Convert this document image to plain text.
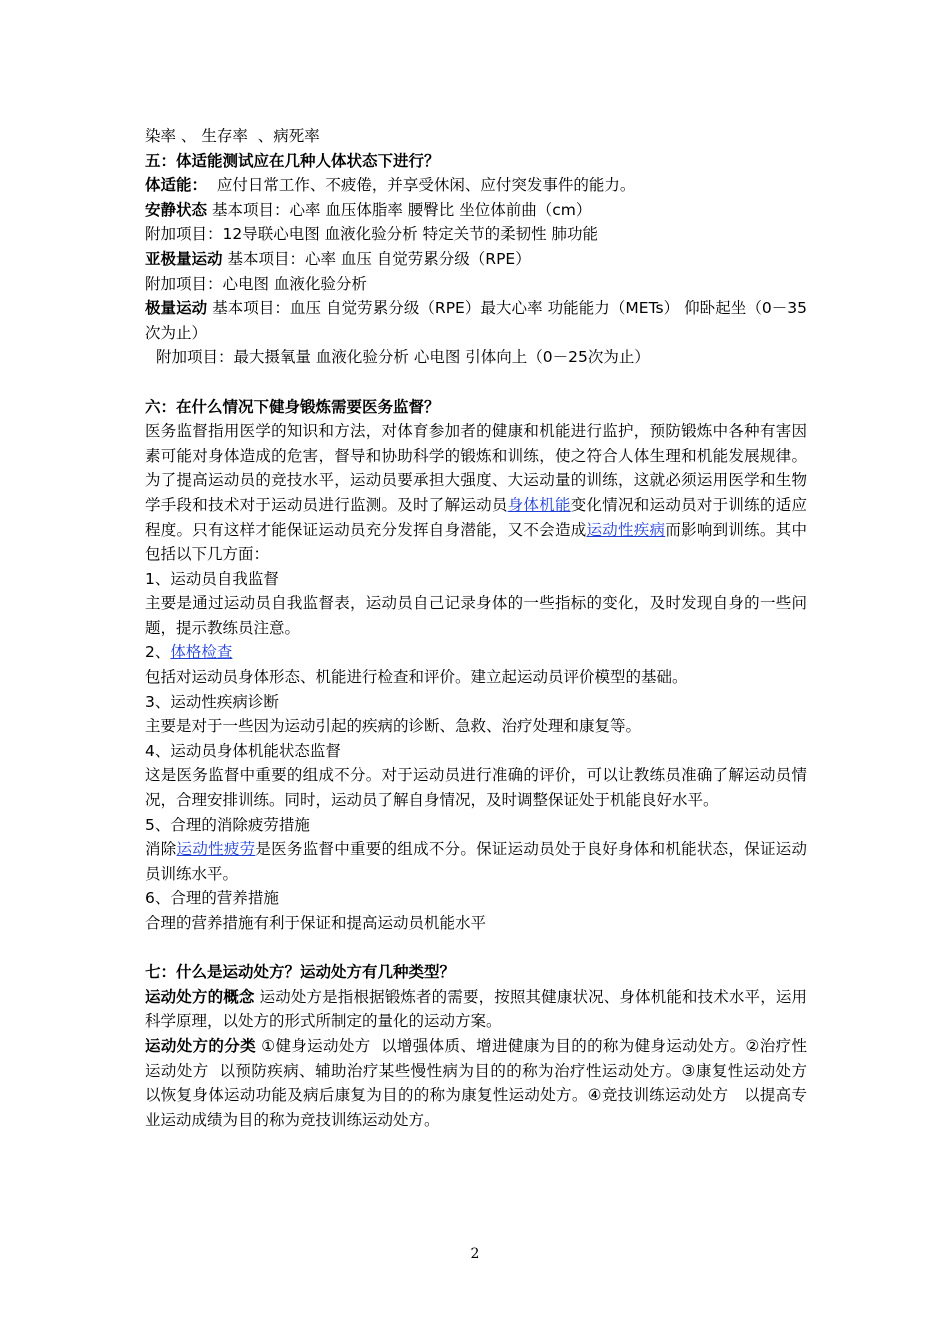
染率 、 生存率  、病死率

五：体适能测试应在几种人体状态下进行？

体适能：  应付日常工作、不疲倦，并享受休闲、应付突发事件的能力。

安静状态 基本项目：心率 血压体脂率 腰臀比 坐位体前曲（cm）

附加项目：12导联心电图 血液化验分析 特定关节的柔韧性 肺功能

亚极量运动 基本项目：心率 血压 自觉劳累分级（RPE）

附加项目：心电图 血液化验分析

极量运动 基本项目：血压 自觉劳累分级（RPE）最大心率 功能能力（METs） 仰卧起坐（0－35次为止）

附加项目：最大摄氧量 血液化验分析 心电图 引体向上（0－25次为止）

六：在什么情况下健身锻炼需要医务监督？

医务监督指用医学的知识和方法，对体育参加者的健康和机能进行监护，预防锻炼中各种有害因素可能对身体造成的危害，督导和协助科学的锻炼和训练，使之符合人体生理和机能发展规律。为了提高运动员的竞技水平，运动员要承担大强度、大运动量的训练，这就必须运用医学和生物学手段和技术对于运动员进行监测。及时了解运动员身体机能变化情况和运动员对于训练的适应程度。只有这样才能保证运动员充分发挥自身潜能，又不会造成运动性疾病而影响到训练。其中包括以下几方面：

1、运动员自我监督

主要是通过运动员自我监督表，运动员自己记录身体的一些指标的变化，及时发现自身的一些问题，提示教练员注意。

2、体格检查

包括对运动员身体形态、机能进行检查和评价。建立起运动员评价模型的基础。

3、运动性疾病诊断

主要是对于一些因为运动引起的疾病的诊断、急救、治疗处理和康复等。

4、运动员身体机能状态监督

这是医务监督中重要的组成不分。对于运动员进行准确的评价，可以让教练员准确了解运动员情况，合理安排训练。同时，运动员了解自身情况，及时调整保证处于机能良好水平。

5、合理的消除疲劳措施

消除运动性疲劳是医务监督中重要的组成不分。保证运动员处于良好身体和机能状态，保证运动员训练水平。

6、合理的营养措施

合理的营养措施有利于保证和提高运动员机能水平

七：什么是运动处方？运动处方有几种类型？

运动处方的概念 运动处方是指根据锻炼者的需要，按照其健康状况、身体机能和技术水平，运用科学原理，以处方的形式所制定的量化的运动方案。

运动处方的分类 ①健身运动处方  以增强体质、增进健康为目的的称为健身运动处方。②治疗性运动处方  以预防疾病、辅助治疗某些慢性病为目的的称为治疗性运动处方。③康复性运动处方   以恢复身体运动功能及病后康复为目的的称为康复性运动处方。④竞技训练运动处方   以提高专业运动成绩为目的称为竞技训练运动处方。

2
